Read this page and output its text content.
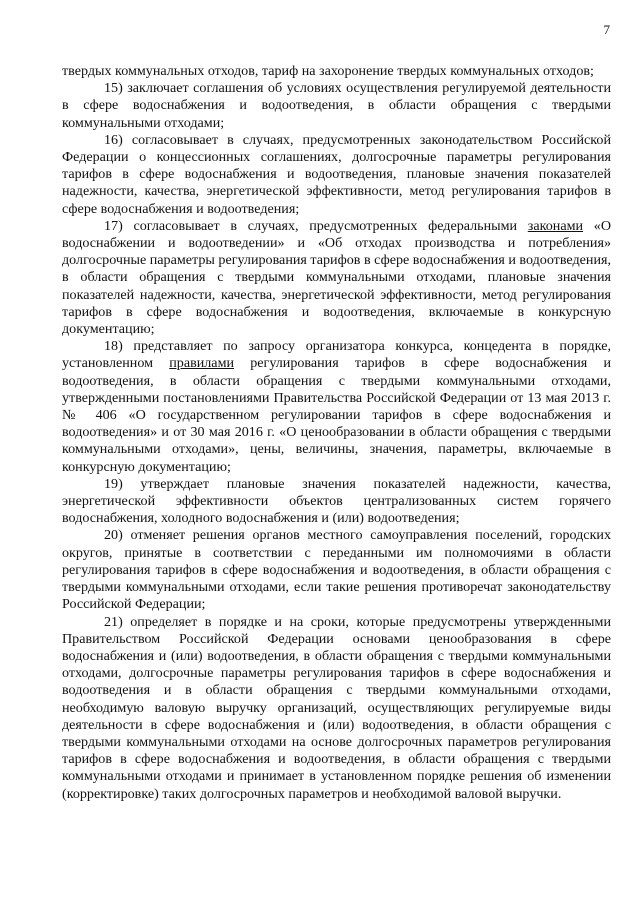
7

твердых коммунальных отходов, тариф на захоронение твердых коммунальных отходов;

15) заключает соглашения об условиях осуществления регулируемой деятельности в сфере водоснабжения и водоотведения, в области обращения с твердыми коммунальными отходами;

16) согласовывает в случаях, предусмотренных законодательством Российской Федерации о концессионных соглашениях, долгосрочные параметры регулирования тарифов в сфере водоснабжения и водоотведения, плановые значения показателей надежности, качества, энергетической эффективности, метод регулирования тарифов в сфере водоснабжения и водоотведения;

17) согласовывает в случаях, предусмотренных федеральными законами «О водоснабжении и водоотведении» и «Об отходах производства и потребления» долгосрочные параметры регулирования тарифов в сфере водоснабжения и водоотведения, в области обращения с твердыми коммунальными отходами, плановые значения показателей надежности, качества, энергетической эффективности, метод регулирования тарифов в сфере водоснабжения и водоотведения, включаемые в конкурсную документацию;

18) представляет по запросу организатора конкурса, концедента в порядке, установленном правилами регулирования тарифов в сфере водоснабжения и водоотведения, в области обращения с твердыми коммунальными отходами, утвержденными постановлениями Правительства Российской Федерации от 13 мая 2013 г. № 406 «О государственном регулировании тарифов в сфере водоснабжения и водоотведения» и от 30 мая 2016 г. «О ценообразовании в области обращения с твердыми коммунальными отходами», цены, величины, значения, параметры, включаемые в конкурсную документацию;

19) утверждает плановые значения показателей надежности, качества, энергетической эффективности объектов централизованных систем горячего водоснабжения, холодного водоснабжения и (или) водоотведения;

20) отменяет решения органов местного самоуправления поселений, городских округов, принятые в соответствии с переданными им полномочиями в области регулирования тарифов в сфере водоснабжения и водоотведения, в области обращения с твердыми коммунальными отходами, если такие решения противоречат законодательству Российской Федерации;

21) определяет в порядке и на сроки, которые предусмотрены утвержденными Правительством Российской Федерации основами ценообразования в сфере водоснабжения и (или) водоотведения, в области обращения с твердыми коммунальными отходами, долгосрочные параметры регулирования тарифов в сфере водоснабжения и водоотведения и в области обращения с твердыми коммунальными отходами, необходимую валовую выручку организаций, осуществляющих регулируемые виды деятельности в сфере водоснабжения и (или) водоотведения, в области обращения с твердыми коммунальными отходами на основе долгосрочных параметров регулирования тарифов в сфере водоснабжения и водоотведения, в области обращения с твердыми коммунальными отходами и принимает в установленном порядке решения об изменении (корректировке) таких долгосрочных параметров и необходимой валовой выручки.
